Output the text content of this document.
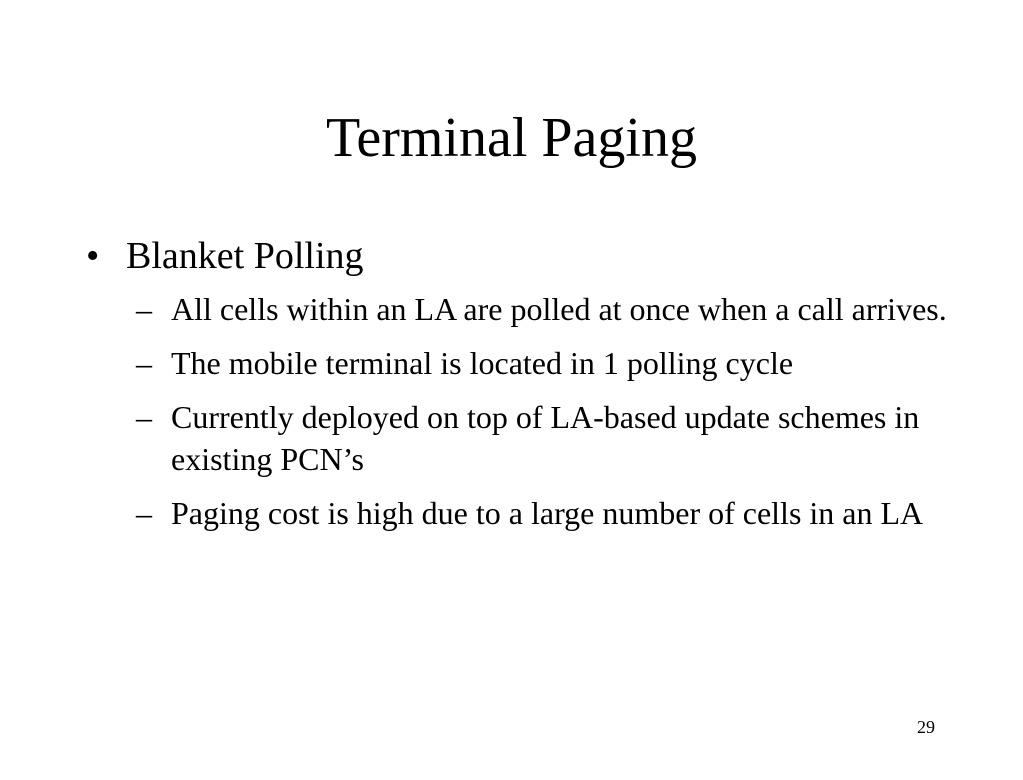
Terminal Paging
• Blanket Polling
– All cells within an LA are polled at once when a call arrives.
– The mobile terminal is located in 1 polling cycle
– Currently deployed on top of LA-based update schemes in existing PCN’s
– Paging cost is high due to a large number of cells in an LA
29
